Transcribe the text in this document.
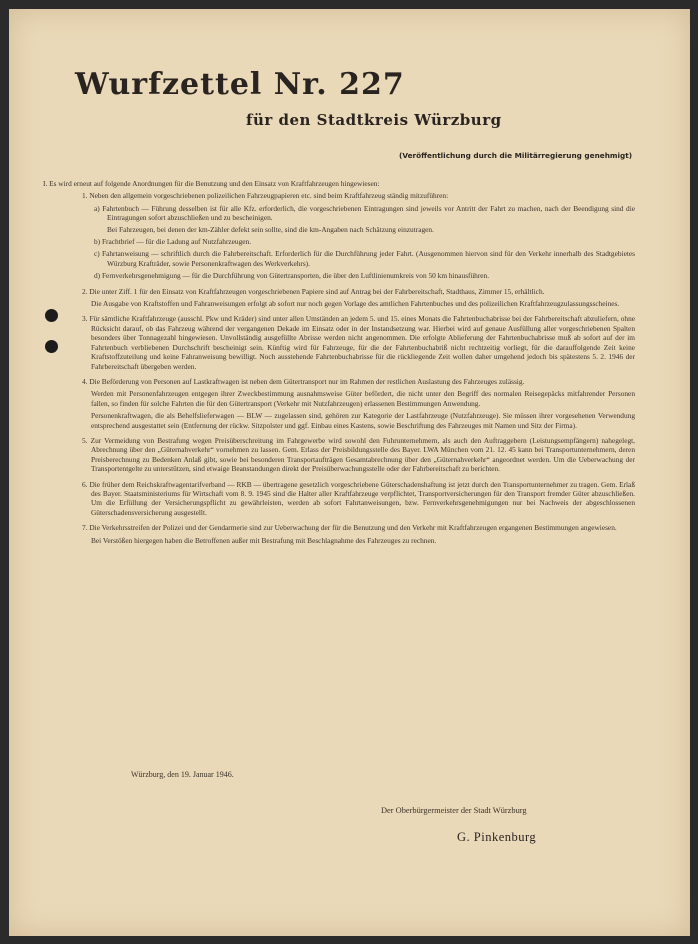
Wurfzettel Nr. 227
für den Stadtkreis Würzburg
(Veröffentlichung durch die Militärregierung genehmigt)

I. Es wird erneut auf folgende Anordnungen für die Benutzung und den Einsatz von Kraftfahrzeugen hingewiesen:

1. Neben den allgemein vorgeschriebenen polizeilichen Fahrzeugpapieren etc. sind beim Kraftfahrzeug ständig mitzuführen:

a) Fahrtenbuch — Führung desselben ist für alle Kfz. erforderlich, die vorgeschriebenen Eintragungen sind jeweils vor Antritt der Fahrt zu machen, nach der Beendigung sind die Eintragungen sofort abzuschließen und zu bescheinigen.

Bei Fahrzeugen, bei denen der km-Zähler defekt sein sollte, sind die km-Angaben nach Schätzung einzutragen.

b) Frachtbrief — für die Ladung auf Nutzfahrzeugen.

c) Fahrtanweisung — schriftlich durch die Fahrbereitschaft. Erforderlich für die Durchführung jeder Fahrt. (Ausgenommen hiervon sind für den Verkehr innerhalb des Stadtgebietes Würzburg Krafträder, sowie Personenkraftwagen des Werkverkehrs).

d) Fernverkehrsgenehmigung — für die Durchführung von Gütertransporten, die über den Luftlinienumkreis von 50 km hinausführen.

2. Die unter Ziff. 1 für den Einsatz von Kraftfahrzeugen vorgeschriebenen Papiere sind auf Antrag bei der Fahrbereitschaft, Stadthaus, Zimmer 15, erhältlich.

Die Ausgabe von Kraftstoffen und Fahranweisungen erfolgt ab sofort nur noch gegen Vorlage des amtlichen Fahrtenbuches und des polizeilichen Kraftfahrzeugzulassungsscheines.

3. Für sämtliche Kraftfahrzeuge (ausschl. Pkw und Kräder) sind unter allen Umständen an jedem 5. und 15. eines Monats die Fahrtenbuchabrisse bei der Fahrbereitschaft abzuliefern, ohne Rücksicht darauf, ob das Fahrzeug während der vergangenen Dekade im Einsatz oder in der Instandsetzung war. Hierbei wird auf genaue Ausfüllung aller vorgeschriebenen Spalten besonders über Tonnagezahl hingewiesen. Unvollständig ausgefüllte Abrisse werden nicht angenommen. Die erfolgte Ablieferung der Fahrtenbuchabrisse muß ab sofort auf der im Fahrtenbuch verbliebenen Durchschrift bescheinigt sein. Künftig wird für Fahrzeuge, für die der Fahrtenbuchabriß nicht rechtzeitig vorliegt, für die darauffolgende Zeit keine Kraftstoffzuteilung und keine Fahranweisung bewilligt. Noch ausstehende Fahrtenbuchabrisse für die rückliegende Zeit wollen daher umgehend jedoch bis spätestens 5. 2. 1946 der Fahrbereitschaft übergeben werden.

4. Die Beförderung von Personen auf Lastkraftwagen ist neben dem Gütertransport nur im Rahmen der restlichen Auslastung des Fahrzeuges zulässig.

Werden mit Personenfahrzeugen entgegen ihrer Zweckbestimmung ausnahmsweise Güter befördert, die nicht unter den Begriff des normalen Reisegepäcks mitfahrender Personen fallen, so finden für solche Fahrten die für den Gütertransport (Verkehr mit Nutzfahrzeugen) erlassenen Bestimmungen Anwendung.

Personenkraftwagen, die als Behelfslieferwagen — BLW — zugelassen sind, gehören zur Kategorie der Lastfahrzeuge (Nutzfahrzeuge). Sie müssen ihrer vorgesehenen Verwendung entsprechend ausgestattet sein (Entfernung der rückw. Sitzpolster und ggf. Einbau eines Kastens, sowie Beschriftung des Fahrzeuges mit Namen und Sitz der Firma).

5. Zur Vermeidung von Bestrafung wegen Preisüberschreitung im Fahrgewerbe wird sowohl den Fuhrunternehmern, als auch den Auftraggebern (Leistungsempfängern) nahegelegt, Abrechnung über den „Güternahverkehr“ vornehmen zu lassen. Gem. Erlass der Preisbildungsstelle des Bayer. LWA München vom 21. 12. 45 kann bei Transportunternehmern, deren Preisberechnung zu Bedenken Anlaß gibt, sowie bei besonderen Transportaufträgen Gesamtabrechnung über den „Güternahverkehr“ angeordnet werden. Um die Ueberwachung der Transportentgelte zu unterstützen, sind etwaige Beanstandungen direkt der Preisüberwachungsstelle oder der Fahrbereitschaft zu berichten.

6. Die früher dem Reichskraftwagentarifverband — RKB — übertragene gesetzlich vorgeschriebene Güterschadenshaftung ist jetzt durch den Transportunternehmer zu tragen. Gem. Erlaß des Bayer. Staatsministeriums für Wirtschaft vom 8. 9. 1945 sind die Halter aller Kraftfahrzeuge verpflichtet, Transportversicherungen für den Transport fremder Güter abzuschließen. Um die Erfüllung der Versicherungspflicht zu gewährleisten, werden ab sofort Fahrtanweisungen, bzw. Fernverkehrsgenehmigungen nur bei Nachweis der abgeschlossenen Güterschadensversicherung ausgestellt.

7. Die Verkehrsstreifen der Polizei und der Gendarmerie sind zur Ueberwachung der für die Benutzung und den Verkehr mit Kraftfahrzeugen ergangenen Bestimmungen angewiesen.

Bei Verstößen hiergegen haben die Betroffenen außer mit Bestrafung mit Beschlagnahme des Fahrzeuges zu rechnen.

Würzburg, den 19. Januar 1946.
Der Oberbürgermeister der Stadt Würzburg
G. Pinkenburg
